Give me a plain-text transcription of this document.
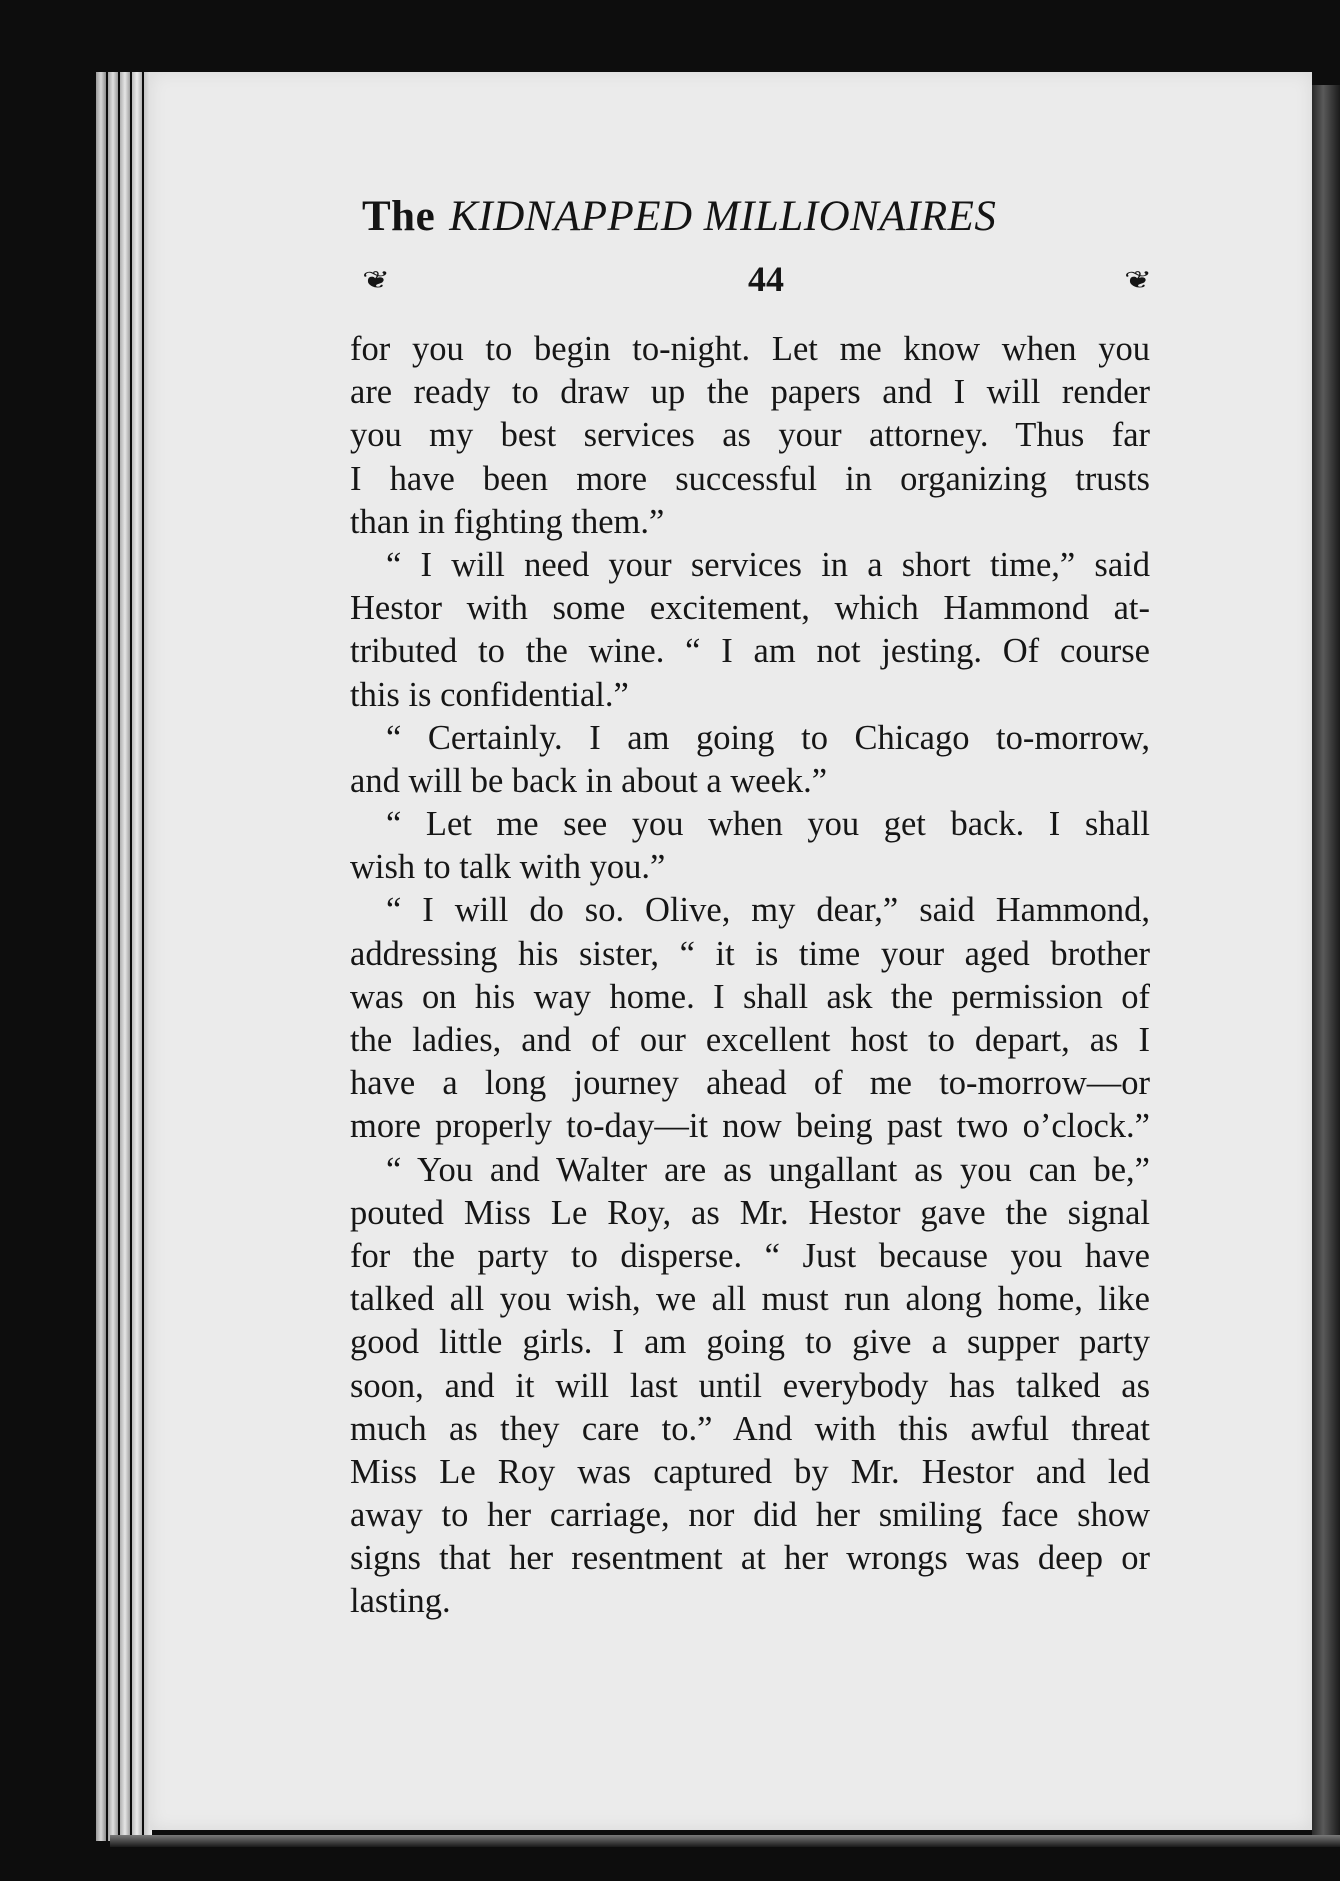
The KIDNAPPED MILLIONAIRES
❦	44	❦
for you to begin to-night. Let me know when you
are ready to draw up the papers and I will render
you my best services as your attorney. Thus far
I have been more successful in organizing trusts
than in fighting them.”
“ I will need your services in a short time,” said
Hestor with some excitement, which Hammond at-
tributed to the wine. “ I am not jesting. Of course
this is confidential.”
“ Certainly. I am going to Chicago to-morrow,
and will be back in about a week.”
“ Let me see you when you get back. I shall
wish to talk with you.”
“ I will do so. Olive, my dear,” said Hammond,
addressing his sister, “ it is time your aged brother
was on his way home. I shall ask the permission of
the ladies, and of our excellent host to depart, as I
have a long journey ahead of me to-morrow—or
more properly to-day—it now being past two o’clock.”
“ You and Walter are as ungallant as you can be,”
pouted Miss Le Roy, as Mr. Hestor gave the signal
for the party to disperse. “ Just because you have
talked all you wish, we all must run along home, like
good little girls. I am going to give a supper party
soon, and it will last until everybody has talked as
much as they care to.” And with this awful threat
Miss Le Roy was captured by Mr. Hestor and led
away to her carriage, nor did her smiling face show
signs that her resentment at her wrongs was deep or
lasting.
